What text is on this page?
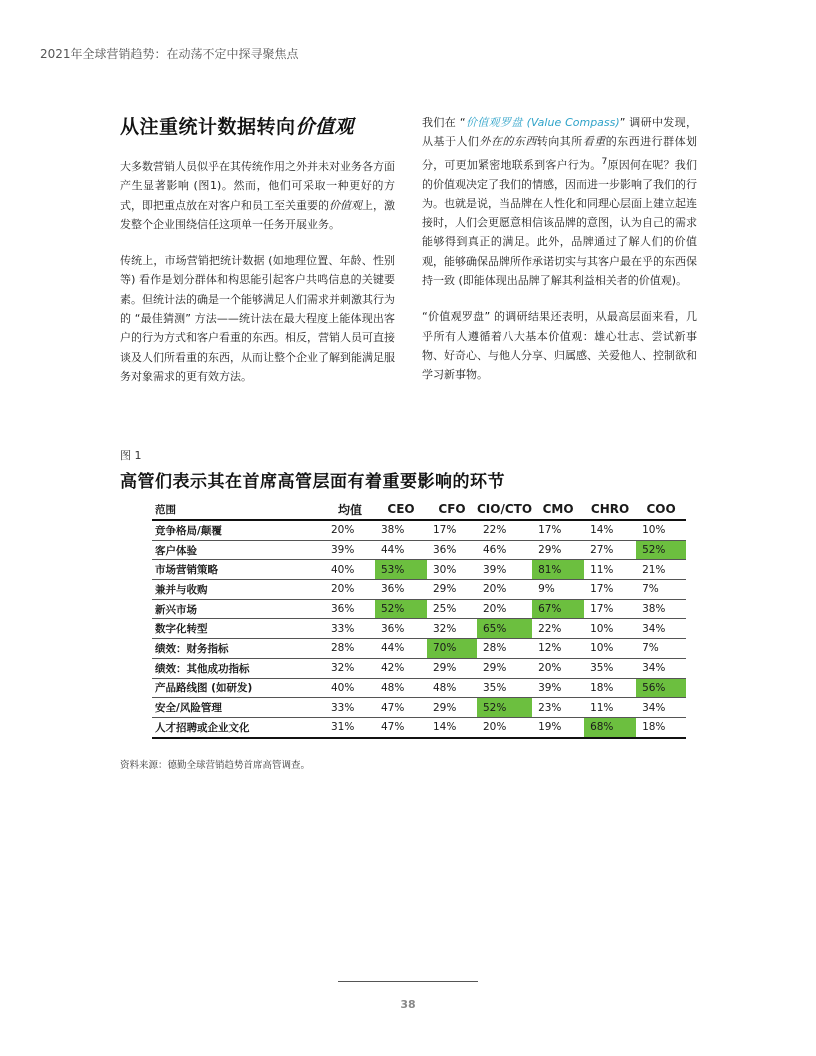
2021年全球营销趋势：在动荡不定中探寻聚焦点
从注重统计数据转向价值观

大多数营销人员似乎在其传统作用之外并未对业务各方面产生显著影响 (图1)。然而，他们可采取一种更好的方式，即把重点放在对客户和员工至关重要的价值观上，激发整个企业围绕信任这项单一任务开展业务。

传统上，市场营销把统计数据 (如地理位置、年龄、性别等) 看作是划分群体和构思能引起客户共鸣信息的关键要素。但统计法的确是一个能够满足人们需求并刺激其行为的 “最佳猜测” 方法——统计法在最大程度上能体现出客户的行为方式和客户看重的东西。相反，营销人员可直接谈及人们所看重的东西，从而让整个企业了解到能满足服务对象需求的更有效方法。

我们在 “价值观罗盘 (Value Compass)” 调研中发现，从基于人们外在的东西转向其所看重的东西进行群体划分，可更加紧密地联系到客户行为。$^7$原因何在呢？我们的价值观决定了我们的情感，因而进一步影响了我们的行为。也就是说，当品牌在人性化和同理心层面上建立起连接时，人们会更愿意相信该品牌的意图，认为自己的需求能够得到真正的满足。此外，品牌通过了解人们的价值观，能够确保品牌所作承诺切实与其客户最在乎的东西保持一致 (即能体现出品牌了解其利益相关者的价值观)。

“价值观罗盘” 的调研结果还表明，从最高层面来看，几乎所有人遵循着八大基本价值观：雄心壮志、尝试新事物、好奇心、与他人分享、归属感、关爱他人、控制欲和学习新事物。

图 1
高管们表示其在首席高管层面有着重要影响的环节
范围	均值	CEO	CFO	CIO/CTO	CMO	CHRO	COO
竞争格局/颠覆	20%	38%	17%	22%	17%	14%	10%
客户体验	39%	44%	36%	46%	29%	27%	52%
市场营销策略	40%	53%	30%	39%	81%	11%	21%
兼并与收购	20%	36%	29%	20%	9%	17%	7%
新兴市场	36%	52%	25%	20%	67%	17%	38%
数字化转型	33%	36%	32%	65%	22%	10%	34%
绩效：财务指标	28%	44%	70%	28%	12%	10%	7%
绩效：其他成功指标	32%	42%	29%	29%	20%	35%	34%
产品路线图 (如研发)	40%	48%	48%	35%	39%	18%	56%
安全/风险管理	33%	47%	29%	52%	23%	11%	34%
人才招聘或企业文化	31%	47%	14%	20%	19%	68%	18%
资料来源：德勤全球营销趋势首席高管调查。
38
